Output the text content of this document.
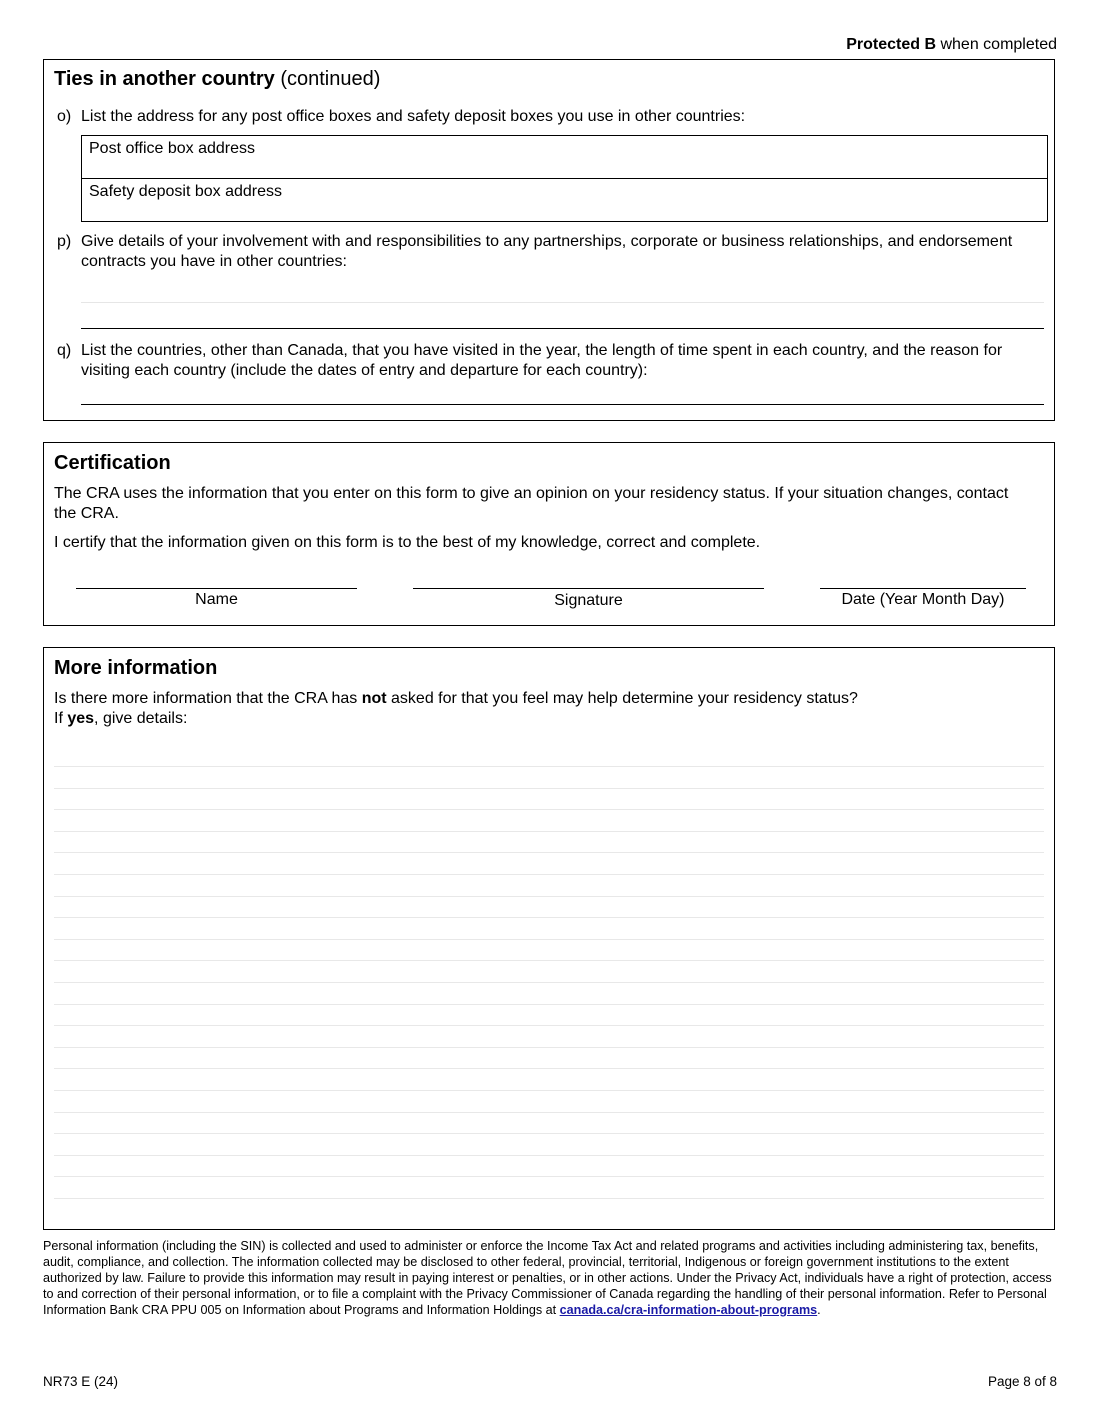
Protected B when completed
Ties in another country (continued)
o) List the address for any post office boxes and safety deposit boxes you use in other countries:
Post office box address
Safety deposit box address
p) Give details of your involvement with and responsibilities to any partnerships, corporate or business relationships, and endorsement contracts you have in other countries:
q) List the countries, other than Canada, that you have visited in the year, the length of time spent in each country, and the reason for visiting each country (include the dates of entry and departure for each country):
Certification
The CRA uses the information that you enter on this form to give an opinion on your residency status. If your situation changes, contact the CRA.
I certify that the information given on this form is to the best of my knowledge, correct and complete.
Name	Signature	Date (Year Month Day)
More information
Is there more information that the CRA has not asked for that you feel may help determine your residency status?
If yes, give details:
Personal information (including the SIN) is collected and used to administer or enforce the Income Tax Act and related programs and activities including administering tax, benefits, audit, compliance, and collection. The information collected may be disclosed to other federal, provincial, territorial, Indigenous or foreign government institutions to the extent authorized by law. Failure to provide this information may result in paying interest or penalties, or in other actions. Under the Privacy Act, individuals have a right of protection, access to and correction of their personal information, or to file a complaint with the Privacy Commissioner of Canada regarding the handling of their personal information. Refer to Personal Information Bank CRA PPU 005 on Information about Programs and Information Holdings at canada.ca/cra-information-about-programs.
NR73 E (24)	Page 8 of 8
